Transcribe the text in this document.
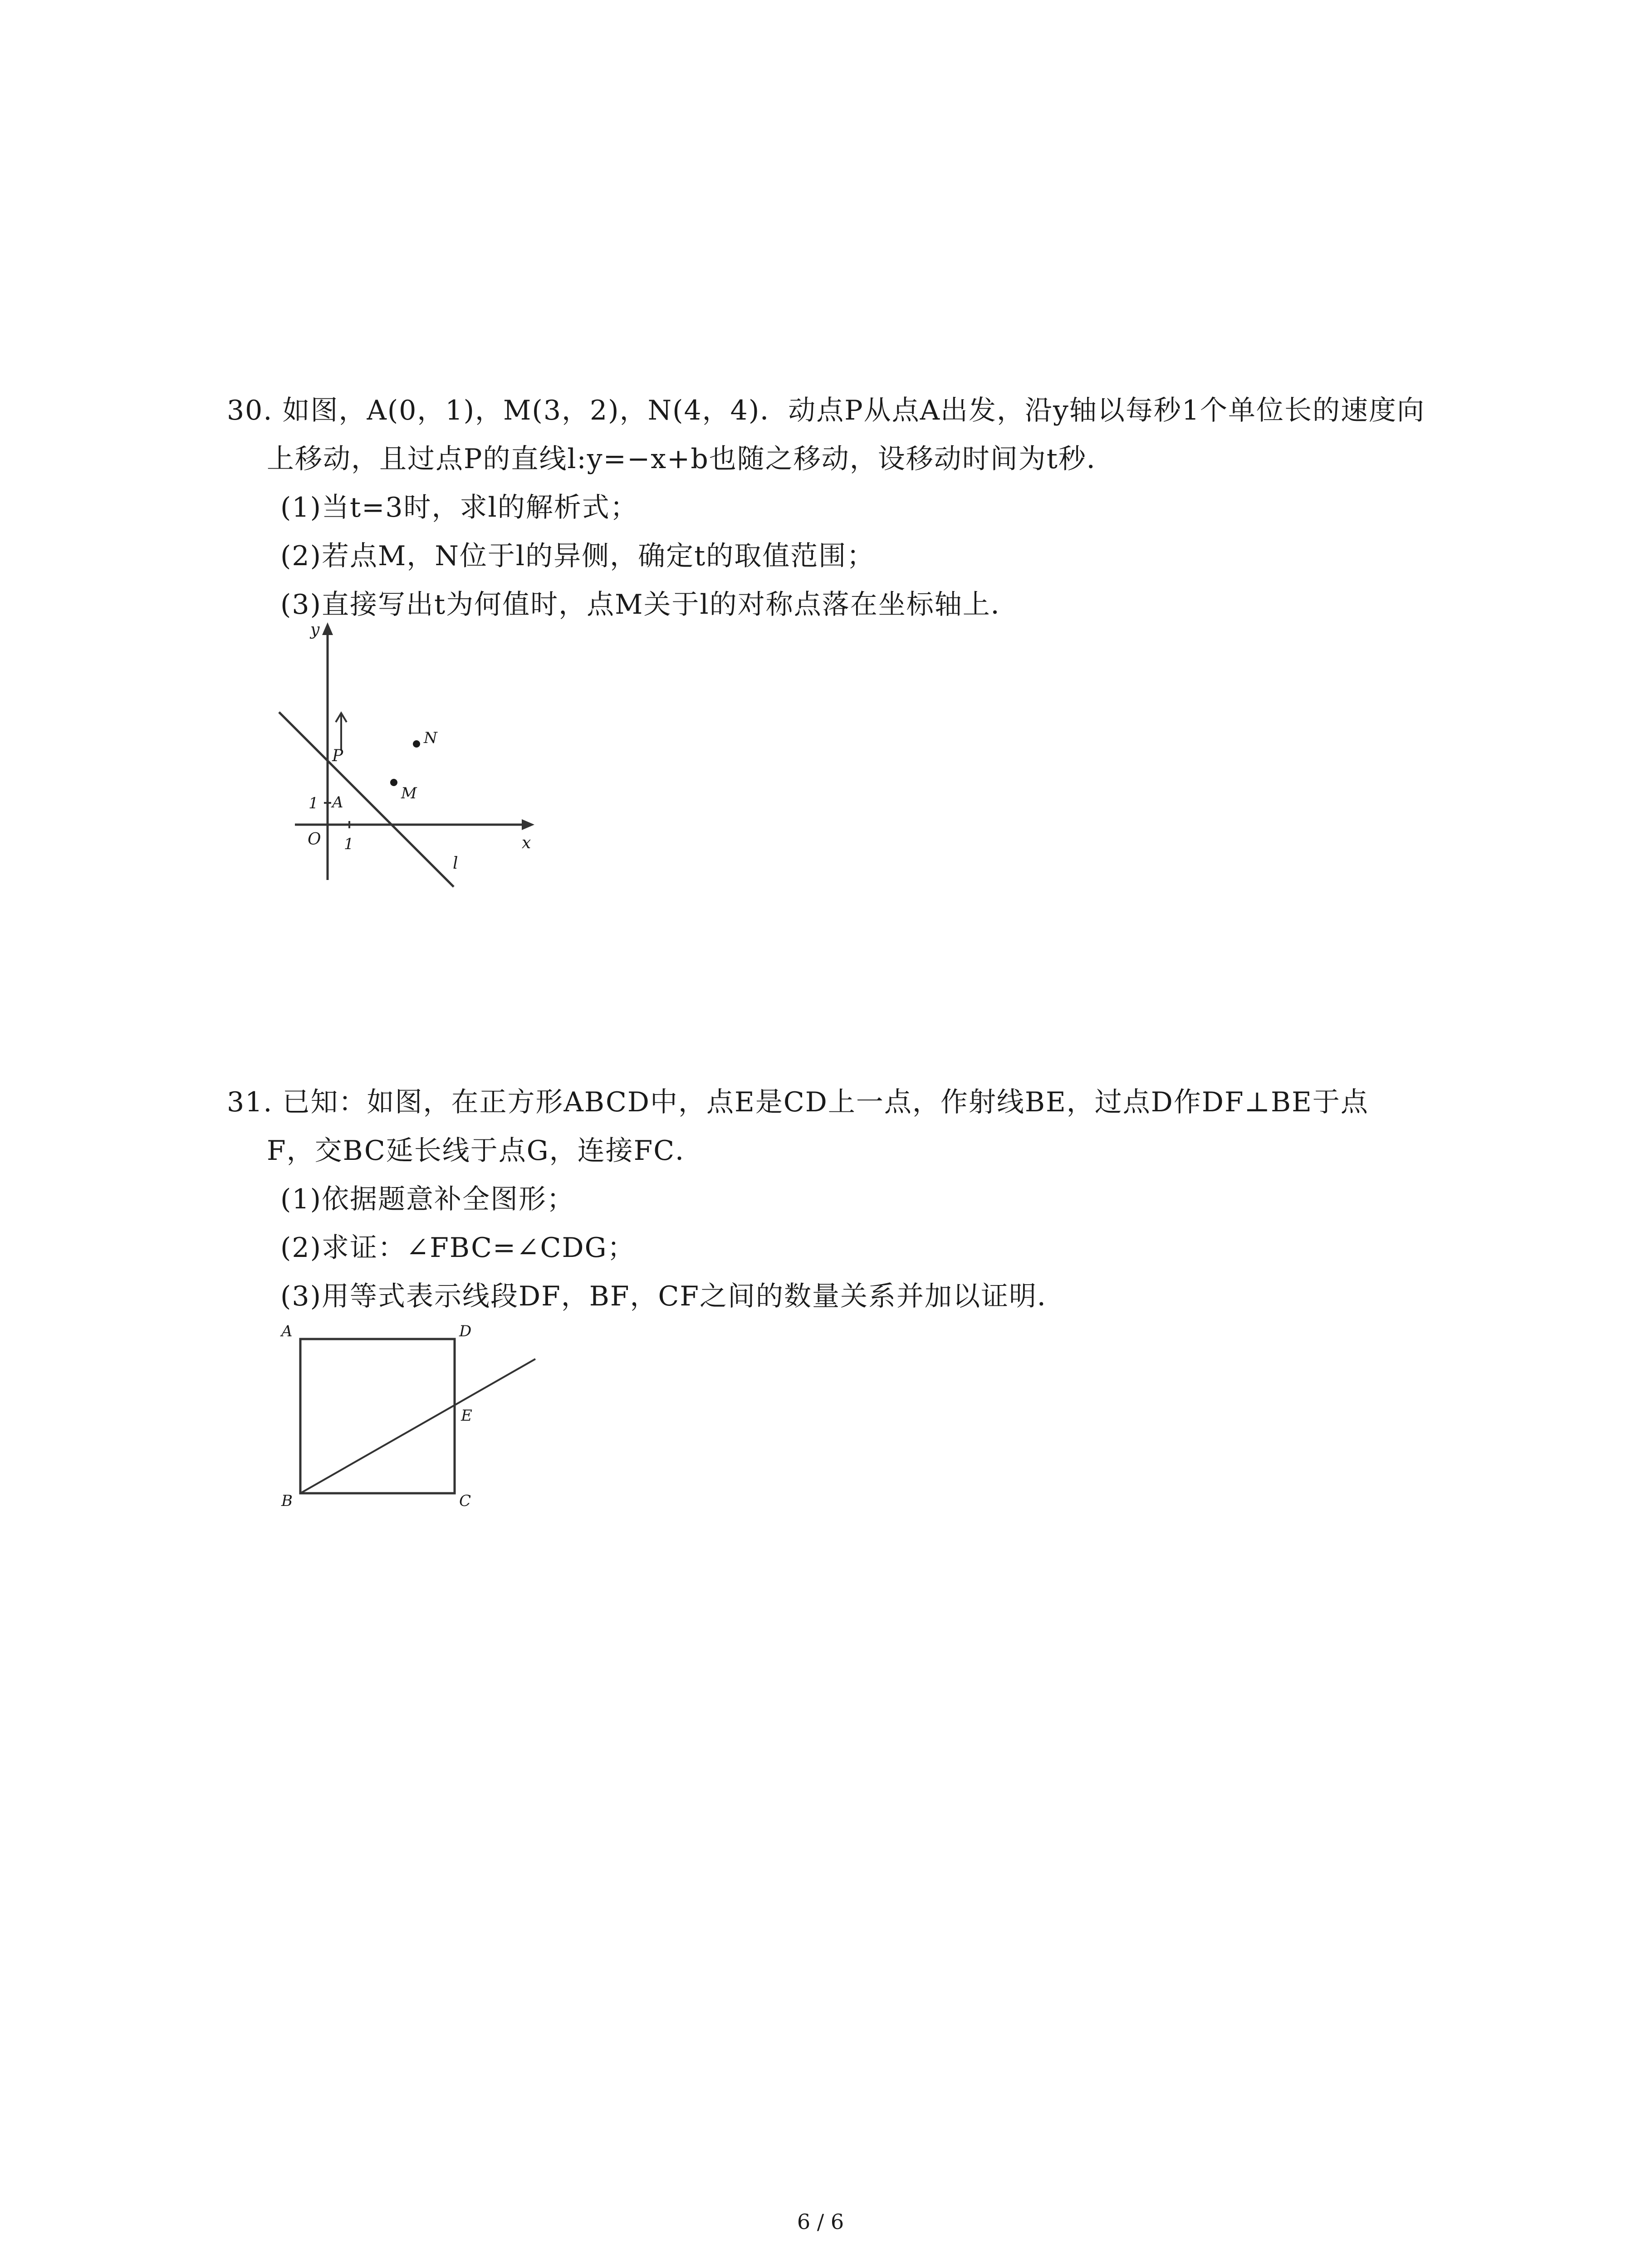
30. 如图，A(0，1)，M(3，2)，N(4，4)．动点P从点A出发，沿y轴以每秒1个单位长的速度向
上移动，且过点P的直线l:y=−x+b也随之移动，设移动时间为t秒．
(1)当t=3时，求l的解析式；
(2)若点M，N位于l的异侧，确定t的取值范围；
(3)直接写出t为何值时，点M关于l的对称点落在坐标轴上．
y
x
O 1
1 A
P
M
N
l
31. 已知：如图，在正方形ABCD中，点E是CD上一点，作射线BE，过点D作DF⊥BE于点
F，交BC延长线于点G，连接FC．
(1)依据题意补全图形；
(2)求证：∠FBC=∠CDG；
(3)用等式表示线段DF，BF，CF之间的数量关系并加以证明．
A	D
B	C
E
6 / 6
